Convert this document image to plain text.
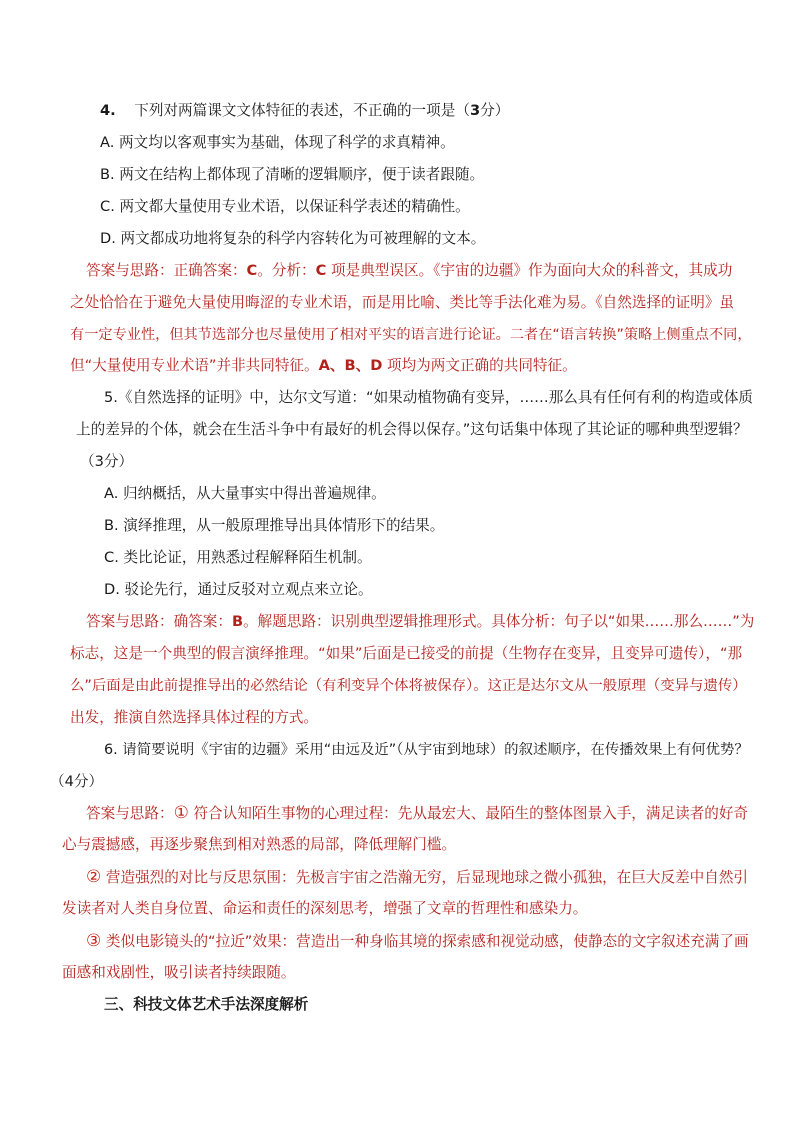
4. 下列对两篇课文文体特征的表述，不正确的一项是（3分）
A. 两文均以客观事实为基础，体现了科学的求真精神。
B. 两文在结构上都体现了清晰的逻辑顺序，便于读者跟随。
C. 两文都大量使用专业术语，以保证科学表述的精确性。
D. 两文都成功地将复杂的科学内容转化为可被理解的文本。
答案与思路：正确答案：C。分析：C 项是典型误区。《宇宙的边疆》作为面向大众的科普文，其成功
之处恰恰在于避免大量使用晦涩的专业术语，而是用比喻、类比等手法化难为易。《自然选择的证明》虽
有一定专业性，但其节选部分也尽量使用了相对平实的语言进行论证。二者在“语言转换”策略上侧重点不同，
但“大量使用专业术语”并非共同特征。A、B、D 项均为两文正确的共同特征。
5.《自然选择的证明》中，达尔文写道：“如果动植物确有变异，……那么具有任何有利的构造或体质
上的差异的个体，就会在生活斗争中有最好的机会得以保存。”这句话集中体现了其论证的哪种典型逻辑？
（3分）
A. 归纳概括，从大量事实中得出普遍规律。
B. 演绎推理，从一般原理推导出具体情形下的结果。
C. 类比论证，用熟悉过程解释陌生机制。
D. 驳论先行，通过反驳对立观点来立论。
答案与思路：确答案：B。解题思路：识别典型逻辑推理形式。具体分析：句子以“如果……那么……”为
标志，这是一个典型的假言演绎推理。“如果”后面是已接受的前提（生物存在变异，且变异可遗传），“那
么”后面是由此前提推导出的必然结论（有利变异个体将被保存）。这正是达尔文从一般原理（变异与遗传）
出发，推演自然选择具体过程的方式。
6. 请简要说明《宇宙的边疆》采用“由远及近”（从宇宙到地球）的叙述顺序，在传播效果上有何优势？
（4分）
答案与思路：① 符合认知陌生事物的心理过程：先从最宏大、最陌生的整体图景入手，满足读者的好奇
心与震撼感，再逐步聚焦到相对熟悉的局部，降低理解门槛。
② 营造强烈的对比与反思氛围：先极言宇宙之浩瀚无穷，后显现地球之微小孤独，在巨大反差中自然引
发读者对人类自身位置、命运和责任的深刻思考，增强了文章的哲理性和感染力。
③ 类似电影镜头的“拉近”效果：营造出一种身临其境的探索感和视觉动感，使静态的文字叙述充满了画
面感和戏剧性，吸引读者持续跟随。
三、科技文体艺术手法深度解析
